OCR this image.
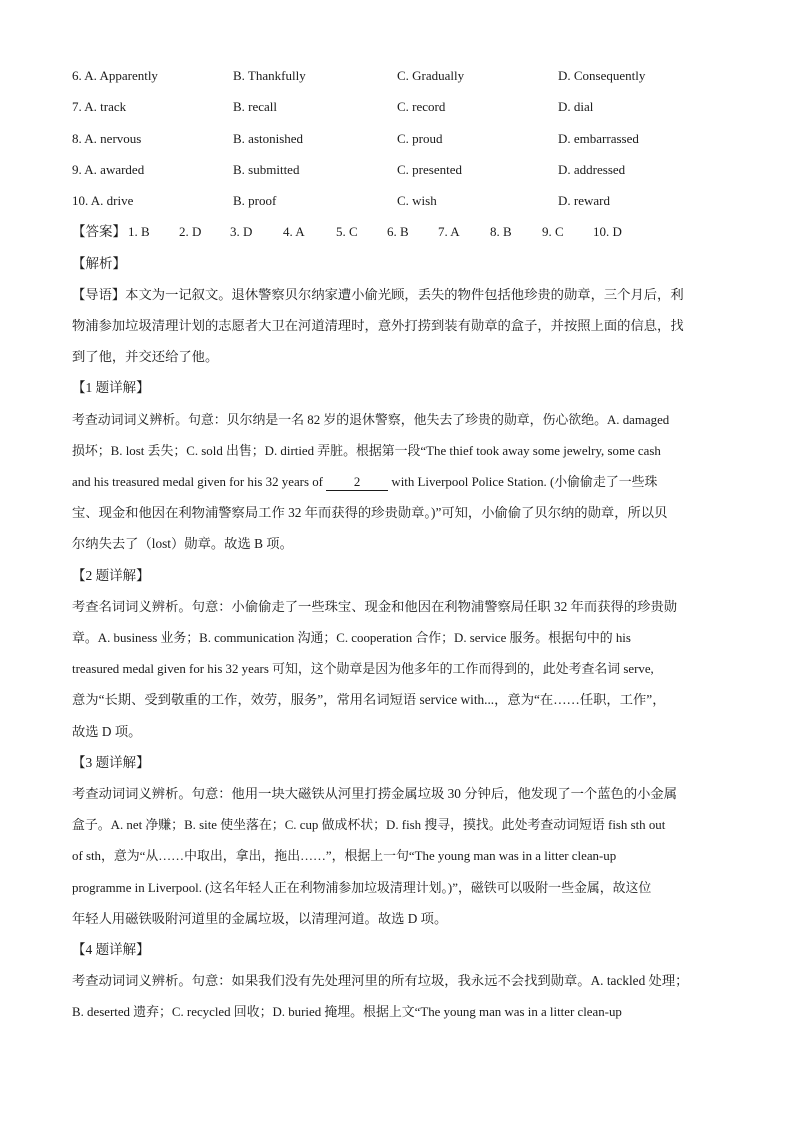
6. A. Apparently	B. Thankfully	C. Gradually	D. Consequently
7. A. track	B. recall	C. record	D. dial
8. A. nervous	B. astonished	C. proud	D. embarrassed
9. A. awarded	B. submitted	C. presented	D. addressed
10. A. drive	B. proof	C. wish	D. reward
【答案】 1. B 2. D 3. D 4. A 5. C 6. B 7. A 8. B 9. C 10. D
【解析】
【导语】本文为一记叙文。退休警察贝尔纳家遭小偷光顾，丢失的物件包括他珍贵的勋章，三个月后，利
物浦参加垃圾清理计划的志愿者大卫在河道清理时，意外打捞到装有勋章的盒子，并按照上面的信息，找
到了他，并交还给了他。
【1 题详解】
考查动词词义辨析。句意：贝尔纳是一名 82 岁的退休警察，他失去了珍贵的勋章，伤心欲绝。A. damaged
损坏；B. lost 丢失；C. sold 出售；D. dirtied 弄脏。根据第一段“The thief took away some jewelry, some cash
and his treasured medal given for his 32 years of 2 with Liverpool Police Station. (小偷偷走了一些珠
宝、现金和他因在利物浦警察局工作 32 年而获得的珍贵勋章。)”可知，小偷偷了贝尔纳的勋章，所以贝
尔纳失去了（lost）勋章。故选 B 项。
【2 题详解】
考查名词词义辨析。句意：小偷偷走了一些珠宝、现金和他因在利物浦警察局任职 32 年而获得的珍贵勋
章。A. business 业务；B. communication 沟通；C. cooperation 合作；D. service 服务。根据句中的 his
treasured medal given for his 32 years 可知，这个勋章是因为他多年的工作而得到的，此处考查名词 serve,
意为“长期、受到敬重的工作，效劳，服务”，常用名词短语 service with...，意为“在……任职，工作”，
故选 D 项。
【3 题详解】
考查动词词义辨析。句意：他用一块大磁铁从河里打捞金属垃圾 30 分钟后，他发现了一个蓝色的小金属
盒子。A. net 净赚；B. site 使坐落在；C. cup 做成杯状；D. fish 搜寻，摸找。此处考查动词短语 fish sth out
of sth，意为“从……中取出，拿出，拖出……”，根据上一句“The young man was in a litter clean-up
programme in Liverpool. (这名年轻人正在利物浦参加垃圾清理计划。)”，磁铁可以吸附一些金属，故这位
年轻人用磁铁吸附河道里的金属垃圾，以清理河道。故选 D 项。
【4 题详解】
考查动词词义辨析。句意：如果我们没有先处理河里的所有垃圾，我永远不会找到勋章。A. tackled 处理；
B. deserted 遗弃；C. recycled 回收；D. buried 掩埋。根据上文“The young man was in a litter clean-up
